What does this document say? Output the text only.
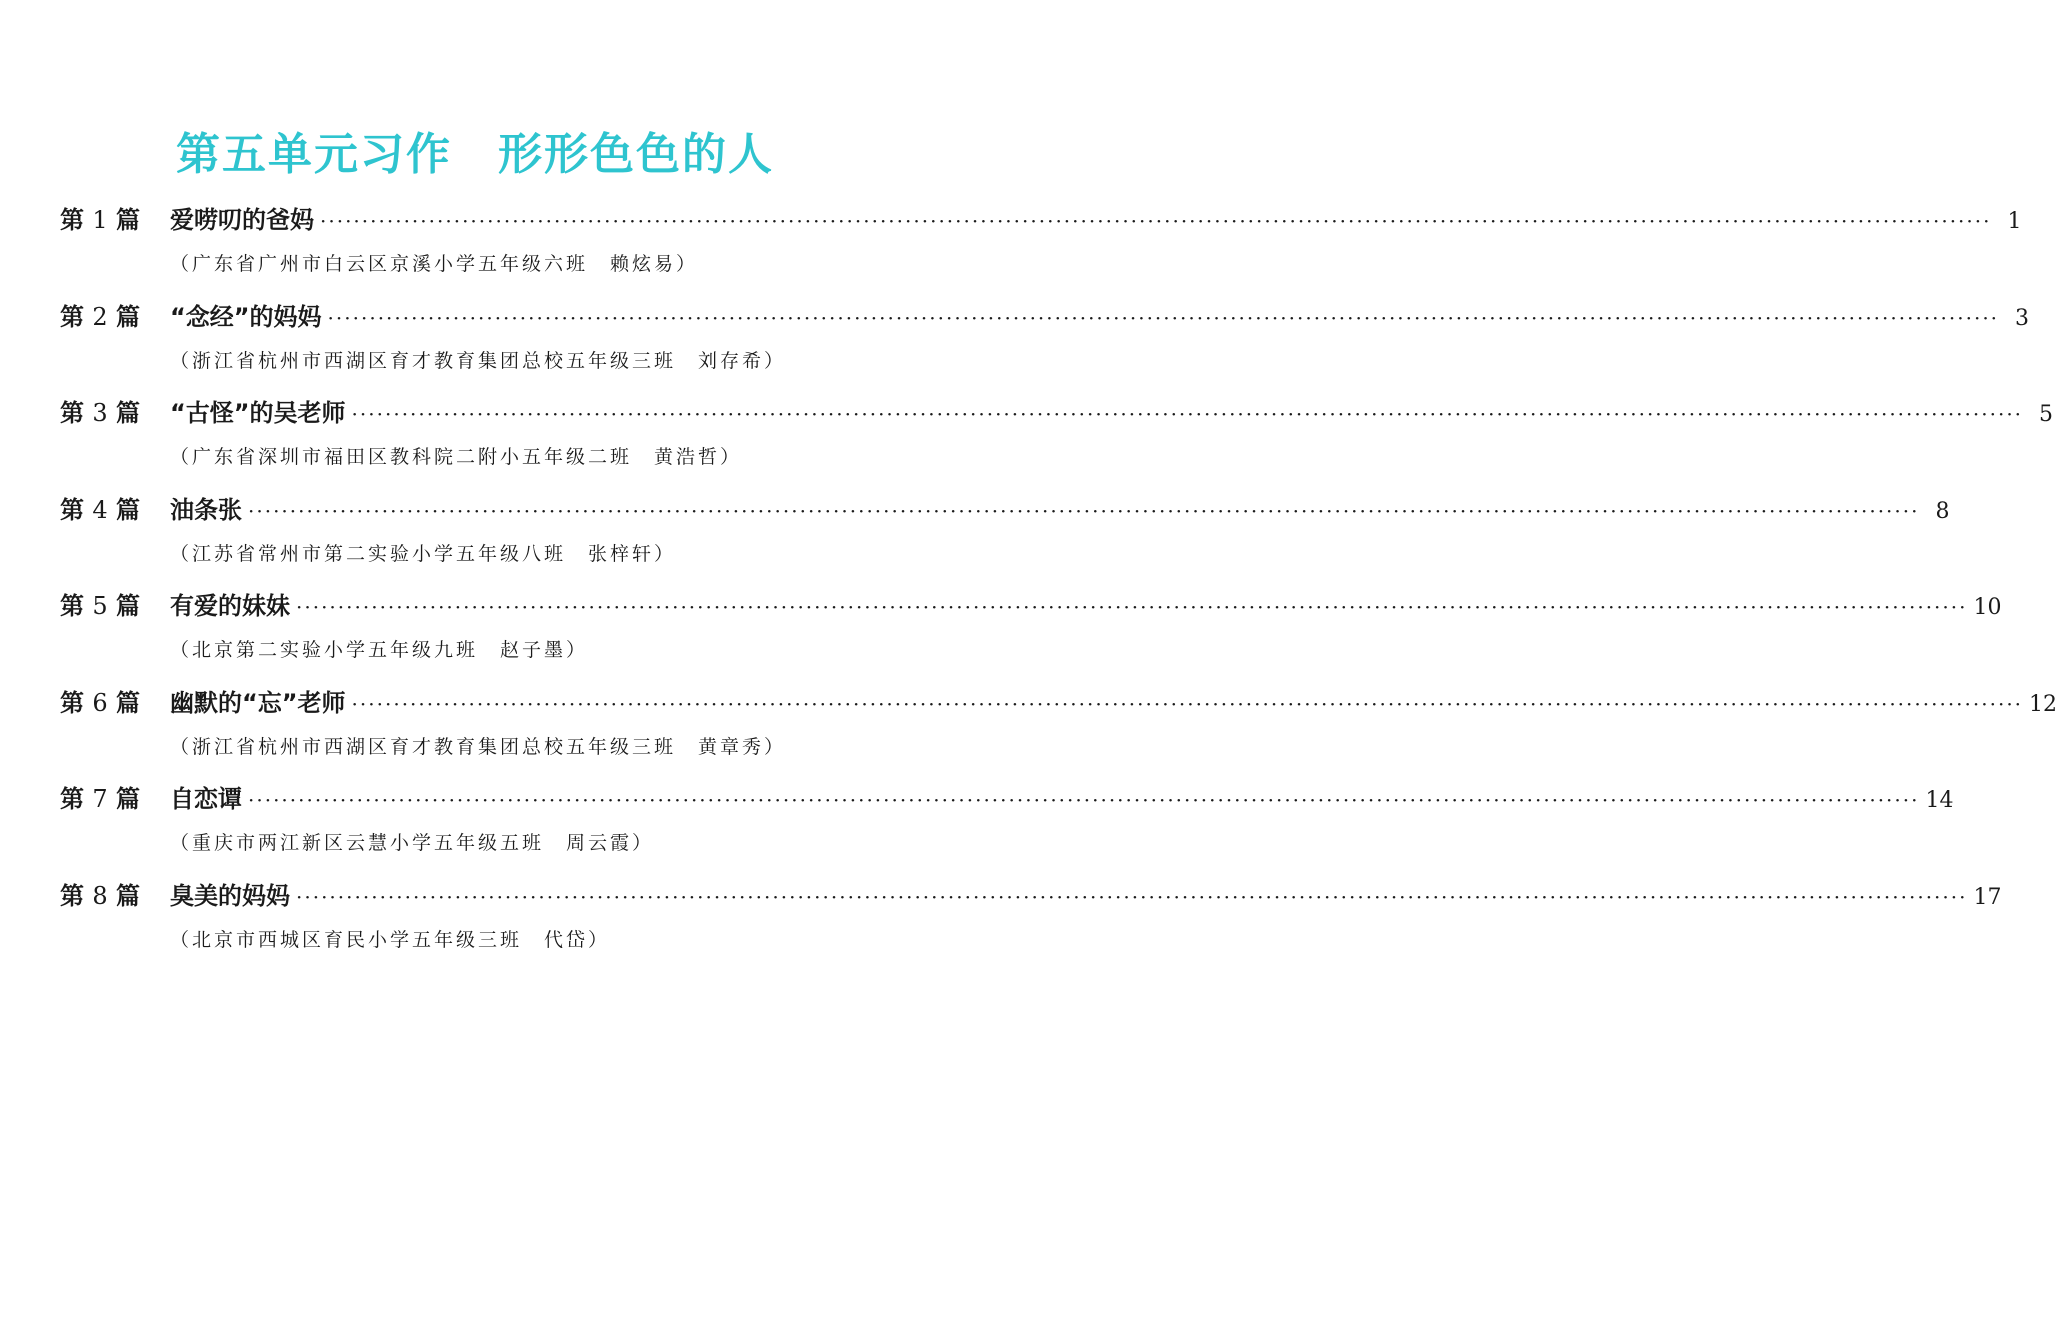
第五单元习作　形形色色的人
第 1 篇	爱唠叨的爸妈 ········································································································································································································ 1
（广东省广州市白云区京溪小学五年级六班　赖炫易）
第 2 篇	“念经”的妈妈 ········································································································································································································ 3
（浙江省杭州市西湖区育才教育集团总校五年级三班　刘存希）
第 3 篇	“古怪”的吴老师 ········································································································································································································ 5
（广东省深圳市福田区教科院二附小五年级二班　黄浩哲）
第 4 篇	油条张 ········································································································································································································ 8
（江苏省常州市第二实验小学五年级八班　张梓轩）
第 5 篇	有爱的妹妹 ········································································································································································································ 10
（北京第二实验小学五年级九班　赵子墨）
第 6 篇	幽默的“忘”老师 ········································································································································································································ 12
（浙江省杭州市西湖区育才教育集团总校五年级三班　黄章秀）
第 7 篇	自恋谭 ········································································································································································································ 14
（重庆市两江新区云慧小学五年级五班　周云霞）
第 8 篇	臭美的妈妈 ········································································································································································································ 17
（北京市西城区育民小学五年级三班　代岱）
